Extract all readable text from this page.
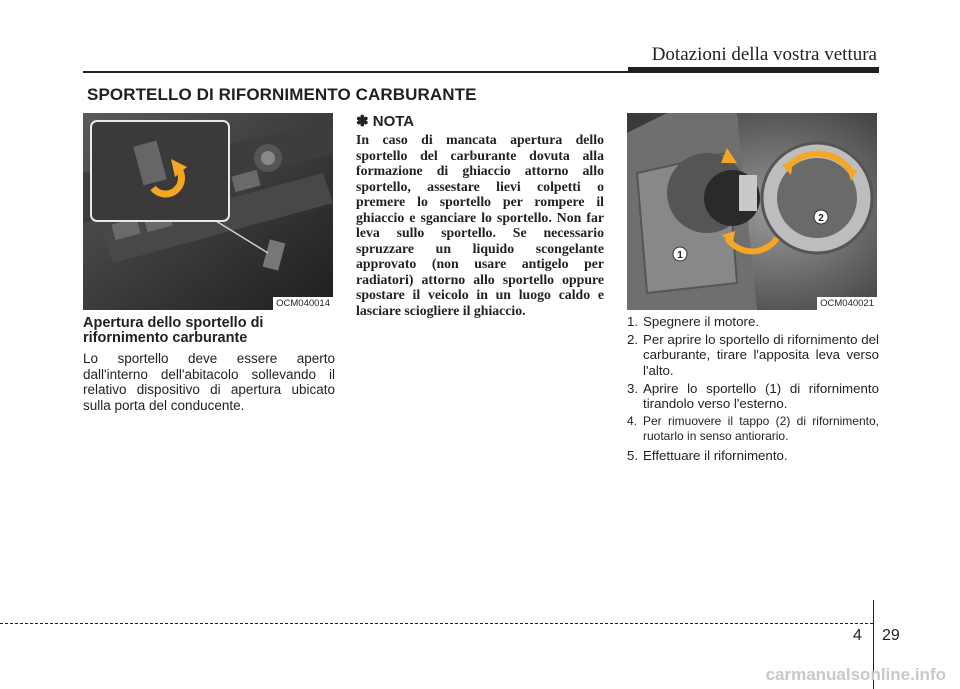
Dotazioni della vostra vettura
SPORTELLO DI RIFORNIMENTO CARBURANTE
OCM040014
Apertura dello sportello di rifornimento carburante
Lo sportello deve essere aperto dall'interno dell'abitacolo sollevando il relativo dispositivo di apertura ubicato sulla porta del conducente.
✽ NOTA
In caso di mancata apertura dello sportello del carburante dovuta alla formazione di ghiaccio attorno allo sportello, assestare lievi colpetti o premere lo sportello per rompere il ghiaccio e sganciare lo sportello. Non far leva sullo sportello. Se necessario spruzzare un liquido scongelante approvato (non usare antigelo per radiatori) attorno allo sportello oppure spostare il veicolo in un luogo caldo e lasciare sciogliere il ghiaccio.
1
2
OCM040021
1. Spegnere il motore.
2. Per aprire lo sportello di rifornimento del carburante, tirare l'apposita leva verso l'alto.
3. Aprire lo sportello (1) di rifornimento tirandolo verso l'esterno.
4. Per rimuovere il tappo (2) di rifornimento, ruotarlo in senso antiorario.
5. Effettuare il rifornimento.
4 29
carmanualsonline.info
